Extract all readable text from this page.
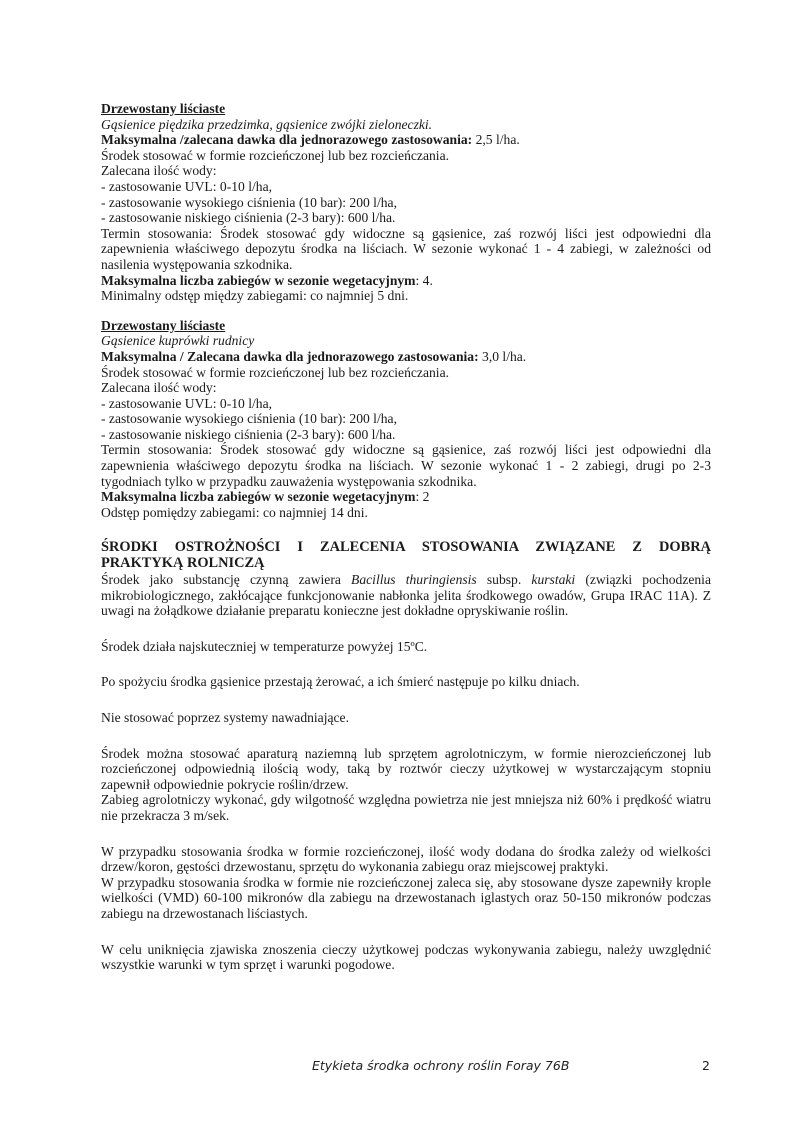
Drzewostany liściaste
Gąsienice piędzika przedzimka, gąsienice zwójki zieloneczki.
Maksymalna /zalecana dawka dla jednorazowego zastosowania: 2,5 l/ha.
Środek stosować w formie rozcieńczonej lub bez rozcieńczania.
Zalecana ilość wody:
- zastosowanie UVL: 0-10 l/ha,
- zastosowanie wysokiego ciśnienia (10 bar): 200 l/ha,
- zastosowanie niskiego ciśnienia (2-3 bary): 600 l/ha.
Termin stosowania: Środek stosować gdy widoczne są gąsienice, zaś rozwój liści jest odpowiedni dla zapewnienia właściwego depozytu środka na liściach. W sezonie wykonać 1 - 4 zabiegi, w zależności od nasilenia występowania szkodnika.
Maksymalna liczba zabiegów w sezonie wegetacyjnym: 4.
Minimalny odstęp między zabiegami: co najmniej 5 dni.
Drzewostany liściaste
Gąsienice kuprówki rudnicy
Maksymalna / Zalecana dawka dla jednorazowego zastosowania: 3,0 l/ha.
Środek stosować w formie rozcieńczonej lub bez rozcieńczania.
Zalecana ilość wody:
- zastosowanie UVL: 0-10 l/ha,
- zastosowanie wysokiego ciśnienia (10 bar): 200 l/ha,
- zastosowanie niskiego ciśnienia (2-3 bary): 600 l/ha.
Termin stosowania: Środek stosować gdy widoczne są gąsienice, zaś rozwój liści jest odpowiedni dla zapewnienia właściwego depozytu środka na liściach. W sezonie wykonać 1 - 2 zabiegi, drugi po 2-3 tygodniach tylko w przypadku zauważenia występowania szkodnika.
Maksymalna liczba zabiegów w sezonie wegetacyjnym: 2
Odstęp pomiędzy zabiegami: co najmniej 14 dni.
ŚRODKI OSTROŻNOŚCI I ZALECENIA STOSOWANIA ZWIĄZANE Z DOBRĄ
PRAKTYKĄ ROLNICZĄ
Środek jako substancję czynną zawiera Bacillus thuringiensis subsp. kurstaki (związki pochodzenia mikrobiologicznego, zakłócające funkcjonowanie nabłonka jelita środkowego owadów, Grupa IRAC 11A). Z uwagi na żołądkowe działanie preparatu konieczne jest dokładne opryskiwanie roślin.
Środek działa najskuteczniej w temperaturze powyżej 15ºC.
Po spożyciu środka gąsienice przestają żerować, a ich śmierć następuje po kilku dniach.
Nie stosować poprzez systemy nawadniające.
Środek można stosować aparaturą naziemną lub sprzętem agrolotniczym, w formie nierozcieńczonej lub rozcieńczonej odpowiednią ilością wody, taką by roztwór cieczy użytkowej w wystarczającym stopniu zapewnił odpowiednie pokrycie roślin/drzew.
Zabieg agrolotniczy wykonać, gdy wilgotność względna powietrza nie jest mniejsza niż 60% i prędkość wiatru nie przekracza 3 m/sek.
W przypadku stosowania środka w formie rozcieńczonej, ilość wody dodana do środka zależy od wielkości drzew/koron, gęstości drzewostanu, sprzętu do wykonania zabiegu oraz miejscowej praktyki.
W przypadku stosowania środka w formie nie rozcieńczonej zaleca się, aby stosowane dysze zapewniły krople wielkości (VMD) 60-100 mikronów dla zabiegu na drzewostanach iglastych oraz 50-150 mikronów podczas zabiegu na drzewostanach liściastych.
W celu uniknięcia zjawiska znoszenia cieczy użytkowej podczas wykonywania zabiegu, należy uwzględnić wszystkie warunki w tym sprzęt i warunki pogodowe.
Etykieta środka ochrony roślin Foray 76B	2
